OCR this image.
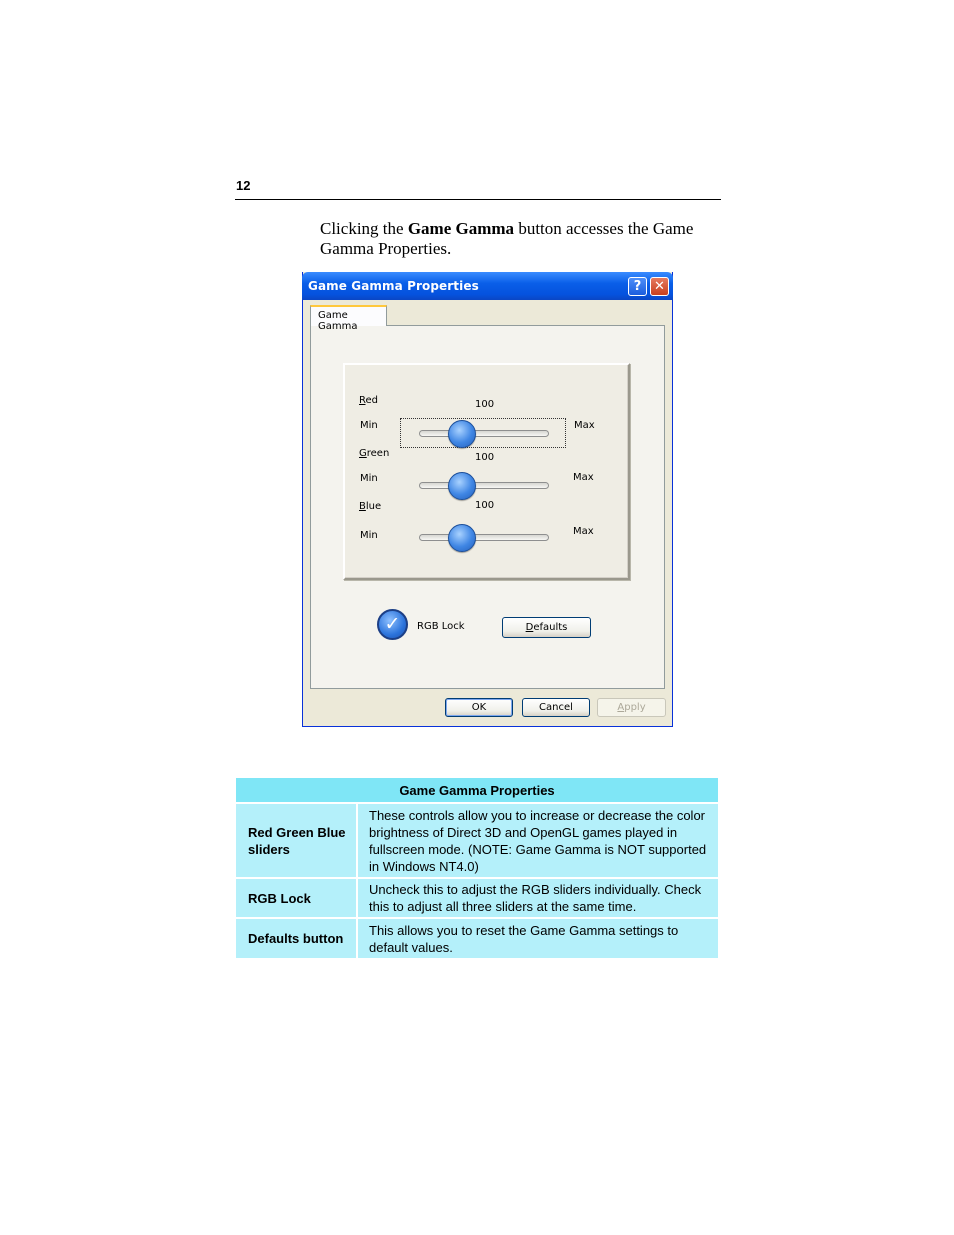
12
Clicking the Game Gamma button accesses the Game Gamma Properties.
Game Gamma Properties	? ✕
Game Gamma
Red	100
Min	Max
Green	100
Min	Max
Blue	100
Min	Max
✓	RGB Lock	Defaults
OK	Cancel	Apply
Game Gamma Properties	
Red Green Blue sliders	These controls allow you to increase or decrease the color brightness of Direct 3D and OpenGL games played in fullscreen mode. (NOTE: Game Gamma is NOT supported in Windows NT4.0)
RGB Lock	Uncheck this to adjust the RGB sliders individually. Check this to adjust all three sliders at the same time.
Defaults button	This allows you to reset the Game Gamma settings to default values.
